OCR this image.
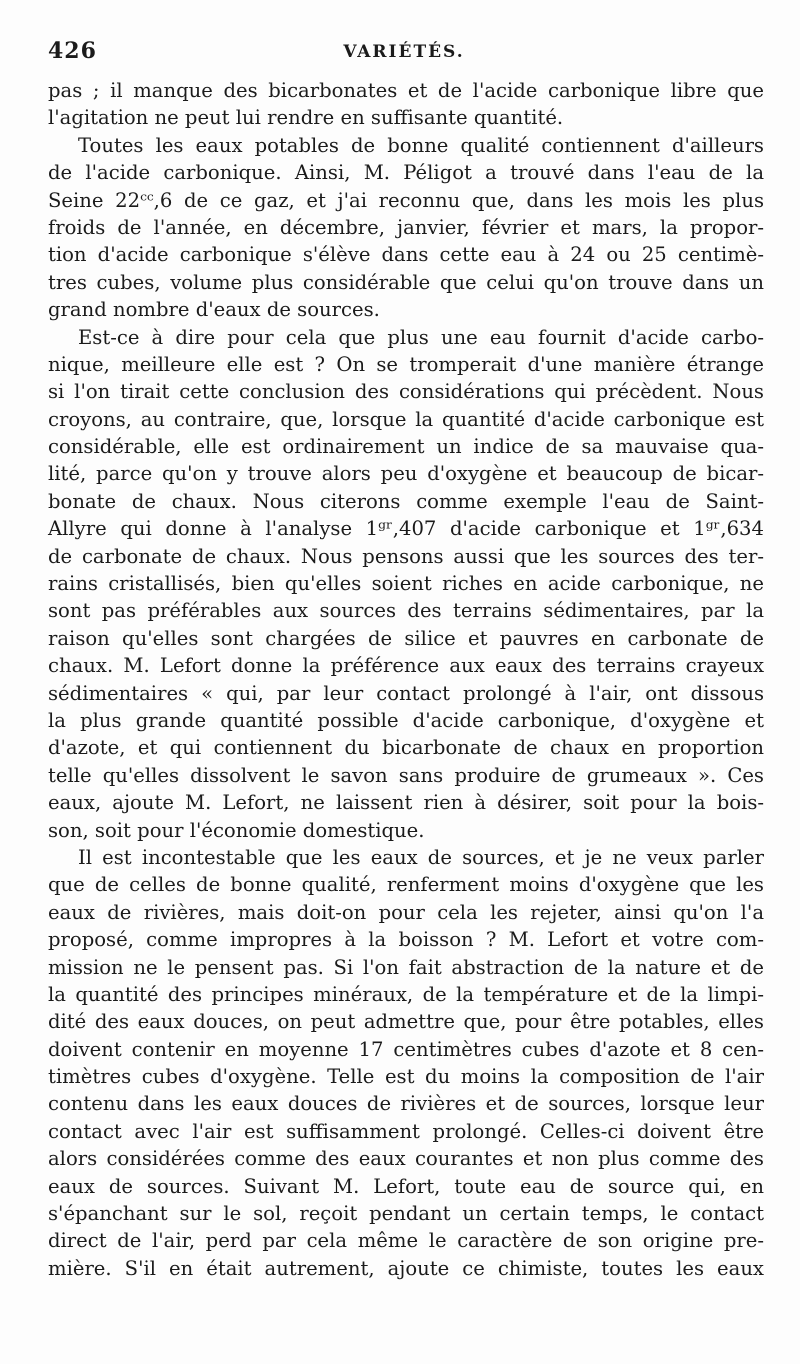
426	VARIÉTÉS.
pas ; il manque des bicarbonates et de l'acide carbonique libre que
l'agitation ne peut lui rendre en suffisante quantité.
Toutes les eaux potables de bonne qualité contiennent d'ailleurs
de l'acide carbonique. Ainsi, M. Péligot a trouvé dans l'eau de la
Seine 22ᶜᶜ,6 de ce gaz, et j'ai reconnu que, dans les mois les plus
froids de l'année, en décembre, janvier, février et mars, la propor-
tion d'acide carbonique s'élève dans cette eau à 24 ou 25 centimè-
tres cubes, volume plus considérable que celui qu'on trouve dans un
grand nombre d'eaux de sources.
Est-ce à dire pour cela que plus une eau fournit d'acide carbo-
nique, meilleure elle est ? On se tromperait d'une manière étrange
si l'on tirait cette conclusion des considérations qui précèdent. Nous
croyons, au contraire, que, lorsque la quantité d'acide carbonique est
considérable, elle est ordinairement un indice de sa mauvaise qua-
lité, parce qu'on y trouve alors peu d'oxygène et beaucoup de bicar-
bonate de chaux. Nous citerons comme exemple l'eau de Saint-
Allyre qui donne à l'analyse 1ᵍʳ,407 d'acide carbonique et 1ᵍʳ,634
de carbonate de chaux. Nous pensons aussi que les sources des ter-
rains cristallisés, bien qu'elles soient riches en acide carbonique, ne
sont pas préférables aux sources des terrains sédimentaires, par la
raison qu'elles sont chargées de silice et pauvres en carbonate de
chaux. M. Lefort donne la préférence aux eaux des terrains crayeux
sédimentaires « qui, par leur contact prolongé à l'air, ont dissous
la plus grande quantité possible d'acide carbonique, d'oxygène et
d'azote, et qui contiennent du bicarbonate de chaux en proportion
telle qu'elles dissolvent le savon sans produire de grumeaux ». Ces
eaux, ajoute M. Lefort, ne laissent rien à désirer, soit pour la bois-
son, soit pour l'économie domestique.
Il est incontestable que les eaux de sources, et je ne veux parler
que de celles de bonne qualité, renferment moins d'oxygène que les
eaux de rivières, mais doit-on pour cela les rejeter, ainsi qu'on l'a
proposé, comme impropres à la boisson ? M. Lefort et votre com-
mission ne le pensent pas. Si l'on fait abstraction de la nature et de
la quantité des principes minéraux, de la température et de la limpi-
dité des eaux douces, on peut admettre que, pour être potables, elles
doivent contenir en moyenne 17 centimètres cubes d'azote et 8 cen-
timètres cubes d'oxygène. Telle est du moins la composition de l'air
contenu dans les eaux douces de rivières et de sources, lorsque leur
contact avec l'air est suffisamment prolongé. Celles-ci doivent être
alors considérées comme des eaux courantes et non plus comme des
eaux de sources. Suivant M. Lefort, toute eau de source qui, en
s'épanchant sur le sol, reçoit pendant un certain temps, le contact
direct de l'air, perd par cela même le caractère de son origine pre-
mière. S'il en était autrement, ajoute ce chimiste, toutes les eaux
